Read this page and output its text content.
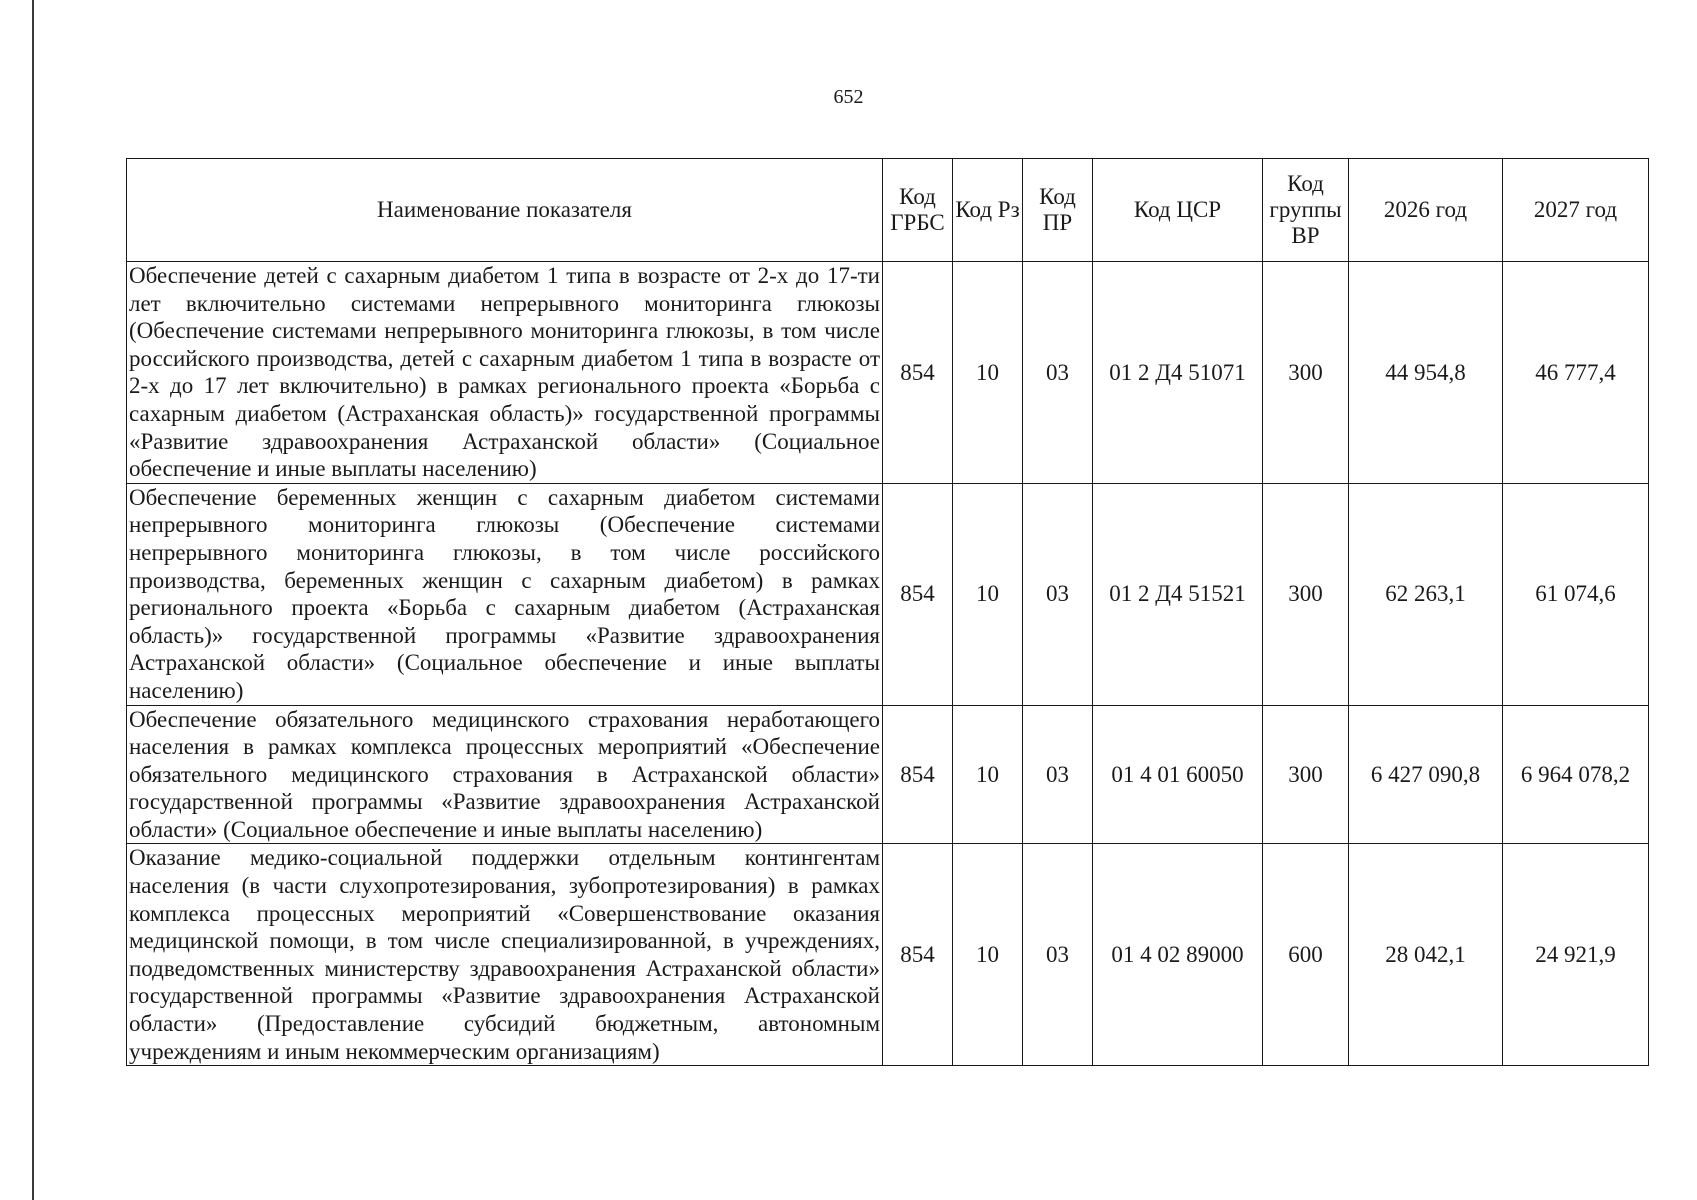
652
Наименование показателя	Код ГРБС	Код Рз	Код ПР	Код ЦСР	Код группы ВР	2026 год	2027 год
Обеспечение детей с сахарным диабетом 1 типа в возрасте от 2-х до 17-ти лет включительно системами непрерывного мониторинга глюкозы (Обеспечение системами непрерывного мониторинга глюкозы, в том числе российского производства, детей с сахарным диабетом 1 типа в возрасте от 2-х до 17 лет включительно) в рамках регионального проекта «Борьба с сахарным диабетом (Астраханская область)» государственной программы «Развитие здравоохранения Астраханской области» (Социальное обеспечение и иные выплаты населению)	854	10	03	01 2 Д4 51071	300	44 954,8	46 777,4
Обеспечение беременных женщин с сахарным диабетом системами непрерывного мониторинга глюкозы (Обеспечение системами непрерывного мониторинга глюкозы, в том числе российского производства, беременных женщин с сахарным диабетом) в рамках регионального проекта «Борьба с сахарным диабетом (Астраханская область)» государственной программы «Развитие здравоохранения Астраханской области» (Социальное обеспечение и иные выплаты населению)	854	10	03	01 2 Д4 51521	300	62 263,1	61 074,6
Обеспечение обязательного медицинского страхования неработающего населения в рамках комплекса процессных мероприятий «Обеспечение обязательного медицинского страхования в Астраханской области» государственной программы «Развитие здравоохранения Астраханской области» (Социальное обеспечение и иные выплаты населению)	854	10	03	01 4 01 60050	300	6 427 090,8	6 964 078,2
Оказание медико-социальной поддержки отдельным контингентам населения (в части слухопротезирования, зубопротезирования) в рамках комплекса процессных мероприятий «Совершенствование оказания медицинской помощи, в том числе специализированной, в учреждениях, подведомственных министерству здравоохранения Астраханской области» государственной программы «Развитие здравоохранения Астраханской области» (Предоставление субсидий бюджетным, автономным учреждениям и иным некоммерческим организациям)	854	10	03	01 4 02 89000	600	28 042,1	24 921,9
